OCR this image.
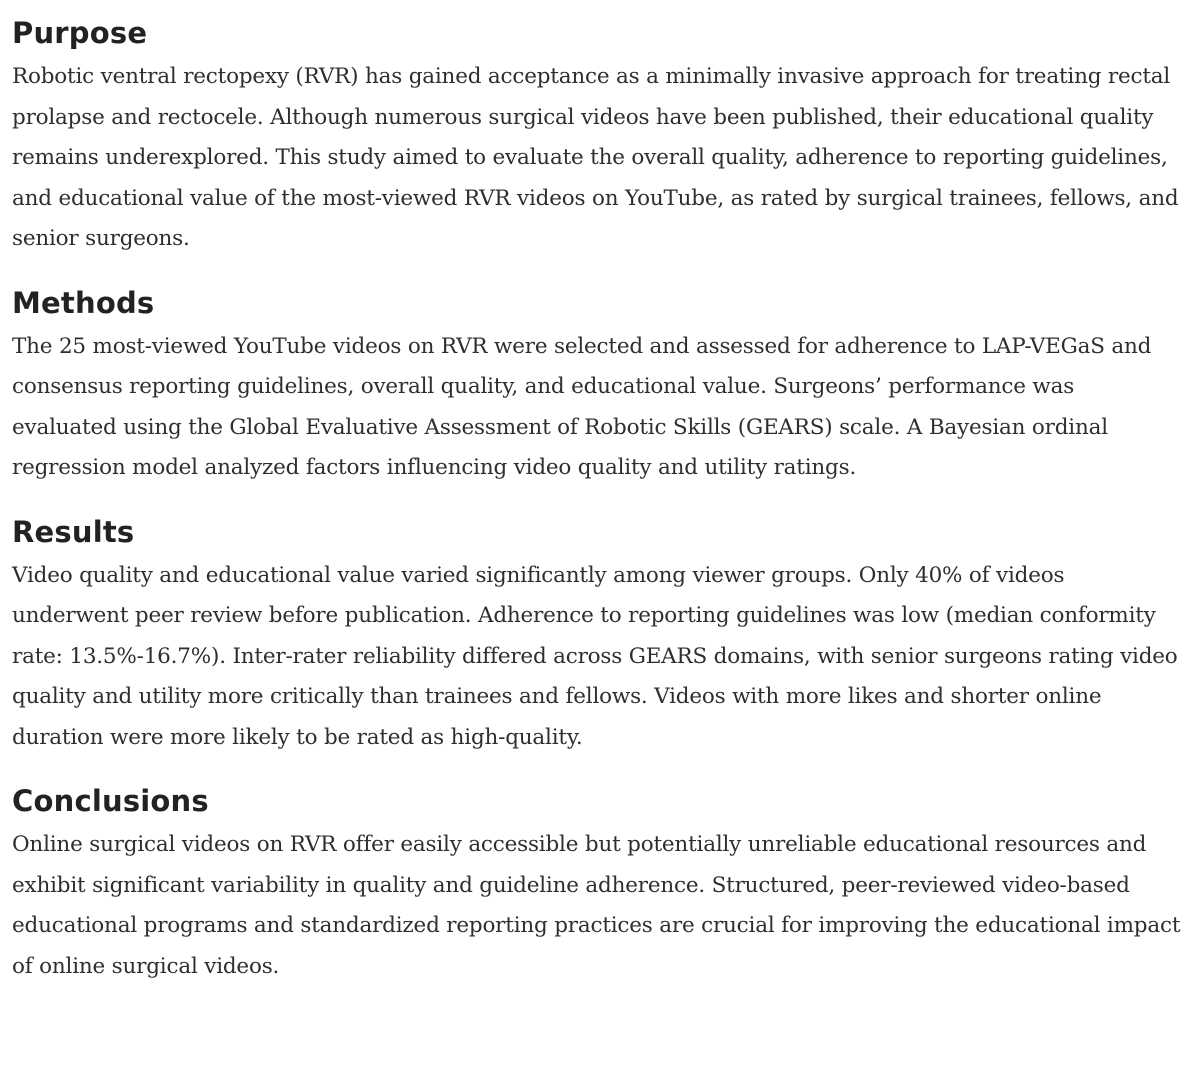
Purpose

Robotic ventral rectopexy (RVR) has gained acceptance as a minimally invasive approach for treating rectal prolapse and rectocele. Although numerous surgical videos have been published, their educational quality remains underexplored. This study aimed to evaluate the overall quality, adherence to reporting guidelines, and educational value of the most-viewed RVR videos on YouTube, as rated by surgical trainees, fellows, and senior surgeons.

Methods

The 25 most-viewed YouTube videos on RVR were selected and assessed for adherence to LAP-VEGaS and consensus reporting guidelines, overall quality, and educational value. Surgeons’ performance was evaluated using the Global Evaluative Assessment of Robotic Skills (GEARS) scale. A Bayesian ordinal regression model analyzed factors influencing video quality and utility ratings.

Results

Video quality and educational value varied significantly among viewer groups. Only 40% of videos underwent peer review before publication. Adherence to reporting guidelines was low (median conformity rate: 13.5%-16.7%). Inter-rater reliability differed across GEARS domains, with senior surgeons rating video quality and utility more critically than trainees and fellows. Videos with more likes and shorter online duration were more likely to be rated as high-quality.

Conclusions

Online surgical videos on RVR offer easily accessible but potentially unreliable educational resources and exhibit significant variability in quality and guideline adherence. Structured, peer-reviewed video-based educational programs and standardized reporting practices are crucial for improving the educational impact of online surgical videos.
